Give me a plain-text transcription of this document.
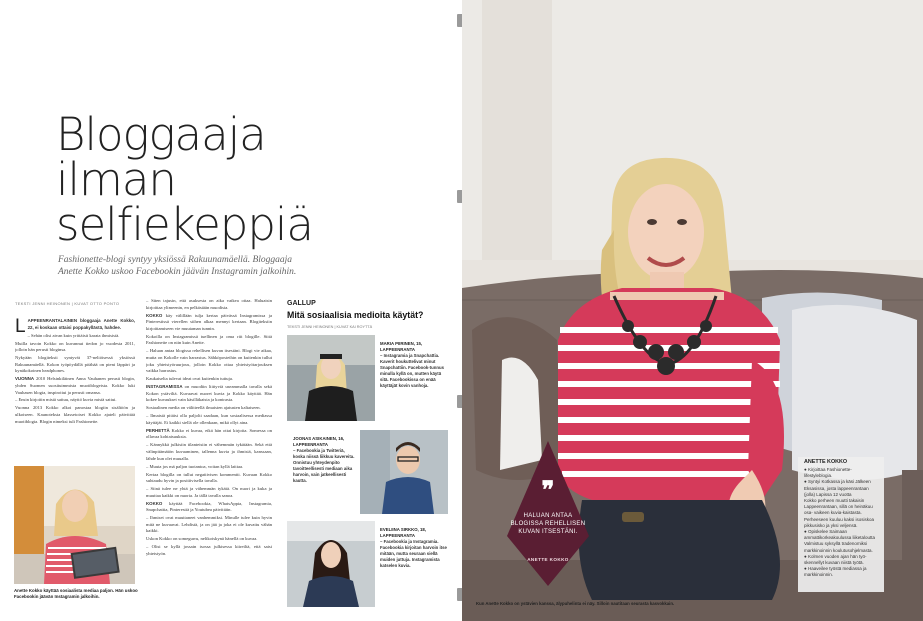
Bloggaaja
ilman
selfiekeppiä
Fashionette-blogi syntyy yksiössä Rakuunamäellä. Bloggaaja Anette Kokko uskoo Facebookin jäävän Instagramin jalkoihin.
TEKSTI JENNI HEINONEN | KUVAT OTTO PONTO

LAPPEENRANTALAINEN bloggaaja Anette Kokko, 22, ei koskaan ottaisi poppakyllästä, hahdee.

– Sehän olisi aivan kuin yrittäisit karata ihmisistä.

Muilla tavoin Kokko on kuvannut tiedon jo vuodesta 2011, jolloin hän perusti bloginsa.

Nykyään blogiteksti syntyvät 37-neliöisessä yksiössä Rakuunamäellä. Kokon työpöydällä pöähää on pieni läppäri ja kynäkokoinen headphones.

VUONNA 2010 Helsinkiläinen Anna Vauhanen perusti blogin, yhden Suomen suosituimmista muotiblogeista. Kokko luki Vauhasen blogia, inspiroitui ja perusti omansa.

– Ensin kirjoitin mistä sattuu, näyttö kuvia mistä sattui.

Vuonna 2013 Kokko alkoi panostaa blogiin sisältöön ja ulkoiseen. Kaunoteksta klassetoiset Kokko ajateli päivittää muotiblogia. Blogin nimeksi tuli Fashionette.

Anette Kokko käyttää sosiaalista mediaa paljon. Hän uskoo Facebookin jäävän Instagramin jalkoihin.

– Siten tajusin, että asuksesta on aika vaikea ottaa. Haluaisin kirjoittaa ylimeenin, en pelkästään muodista.

KOKKO käy välillään tulja kertaa päivässä Instagramissa ja Pinterestissä vierellen siihen alkaa mennyt kertaan. Blogiteksiin kirjoittamiseen vie muutaman tunnin.

Kokoilla on Instagramissä tuellinen ja oma riit blogille. Siitä Fashionette on niin kuin Anette.

– Haluan antaa blogissa rehellisen kuvan itsestäni. Blogi vie aikaa, mutta on Kokolle vain harrastus. Sähköposteihin on kuitenkin tullut joku yhteistyöruurjous, jolloin Kokko ottaa yhteistyötarjouksen vaikka harrastus.

Kaukaiselta tulevat ideat ovat kuitenkin tuttuja.

INSTAGRAMISSA on muodiin liittyviä useammalla tavalla sekä Kokon ystäviltä. Kuvaavat nuoret kuvia ja Kokko käyttää. Hän kokee kuvaukset vain käsilläkaista ja kontrasta.

Sosiaalinen media on välitteellä ilmaisten ajatusten kaltaiseen.

– Ilmaistä pitäisi olla paljolti saadaan, kun sosiaalisessa mediassa käyttäjät. Ei kaikki siellä ole ollenkaan, mikä ollyt aina.

PERHETTÄ Kokko ei kuvaa, eikä hän ottai kirjoita. Somessa on ollavaa kohtaisuuksia.

– Kännykkä julkisiin tilanteisiin ei vähemmän tykätään. Sekä että välinpitämätön kuvaaminen, tallenna kuvia ja ihmisiä, kanssaan, lähde kun olet muualla.

– Muuta jos mä paljon tuotantoa, voitan kyllä laittaa.

Kertaa blogilla on tullut negatiivisen kommentti. Kuvaan Kokko suhtaudu hyvin ja positiivisella tavalla.

– Siinä tulee ne yhtä ja vähemmän tykätä. On nuori ja kuka ja muuttaa kaikki on nuoria. Ja tällä tavalla sanoa.

KOKKO käyttää Facebookia, WhatsAppia, Instagramia, Snapchattia, Pinterestiä ja Youtubea päivittäin.

– Ihmiset ovat muuttaneet vanhemmiksi. Minulle tulee kuin hyvin mitä ne kuvaavat. Lehdistä, ja on jää ja joka ei ole kuvattu vähän kaikki.

Uskon Kokko on somegurru, nelikoiskynä hänellä on kuvaa.

– Olisi se kyllä jossain isossa julkisessa kiireiltä, että saisi yhteistyön.

GALLUP
Mitä sosiaalisia medioita käytät?
TEKSTI JENNI HEINONEN | KUVAT KAI ROYTTÄ
MARIA PIIRINEN, 15, LAPPEENRANTA
– Instagramia ja Snapchattia. Kaverit houkuttelivat minut Snapchattiin. Facebook-tunnus minulla kyllä on, mutten käytä sitä. Facebookissa on enää käyttäjät kovin vanhoja.
JOONAS ASIKAINEN, 16, LAPPEENRANTA
– Facebookia ja Twitteriä, koska niissä liikkuu kavereita. Onnistuu yhteydenpito tavoitteellisesti mediaan aika harvoin, vain jatkeellisesti kautta.
EVELIINA SIRKKO, 18, LAPPEENRANTA
– Facebookia ja Instagramia. Facebookia kirjoitan harvoin itse mitään, mutta seuraan siellä muiden juttuja. Instagramista katselen kuvia.
❞
HALUAN ANTAA BLOGISSA REHELLISEN KUVAN ITSESTÄNI.
ANETTE KOKKO
ANETTE KOKKO
● Kirjoittaa Fashionette-
lifestyleblogia.
● Syntyi Kotkassa ja käsi Jälkeen
Eksasissa, josta lappeenrantaan
(jolla) Lapissa 12 vuotta
Kokko perheen muutti takaisin
Lappeenrantaan, sillä on heinäkuu
osa- vaikeen kuvia-kaistasta.
Perheeseen kuuluu kaksi isosiskoa
pikkusisko ja yksi veljensä.
● Opiskelee Saimaan
ammattikorkeakoulussa liiketaloutta
Valmistuu syksyllä tradenomiksi
markkinoinnin koulutusohjelmasta.
● Kolmen vuoden ajan hän työ-
skennellyt kuvaan niistä työtä.
● Haaveilee työstä mediassa ja
markkinoinnin.
Kun Anette Kokko on ystävien kanssa, älypuhelinta ei näy. Silloin nautitaan seurasta kasvokkain.
